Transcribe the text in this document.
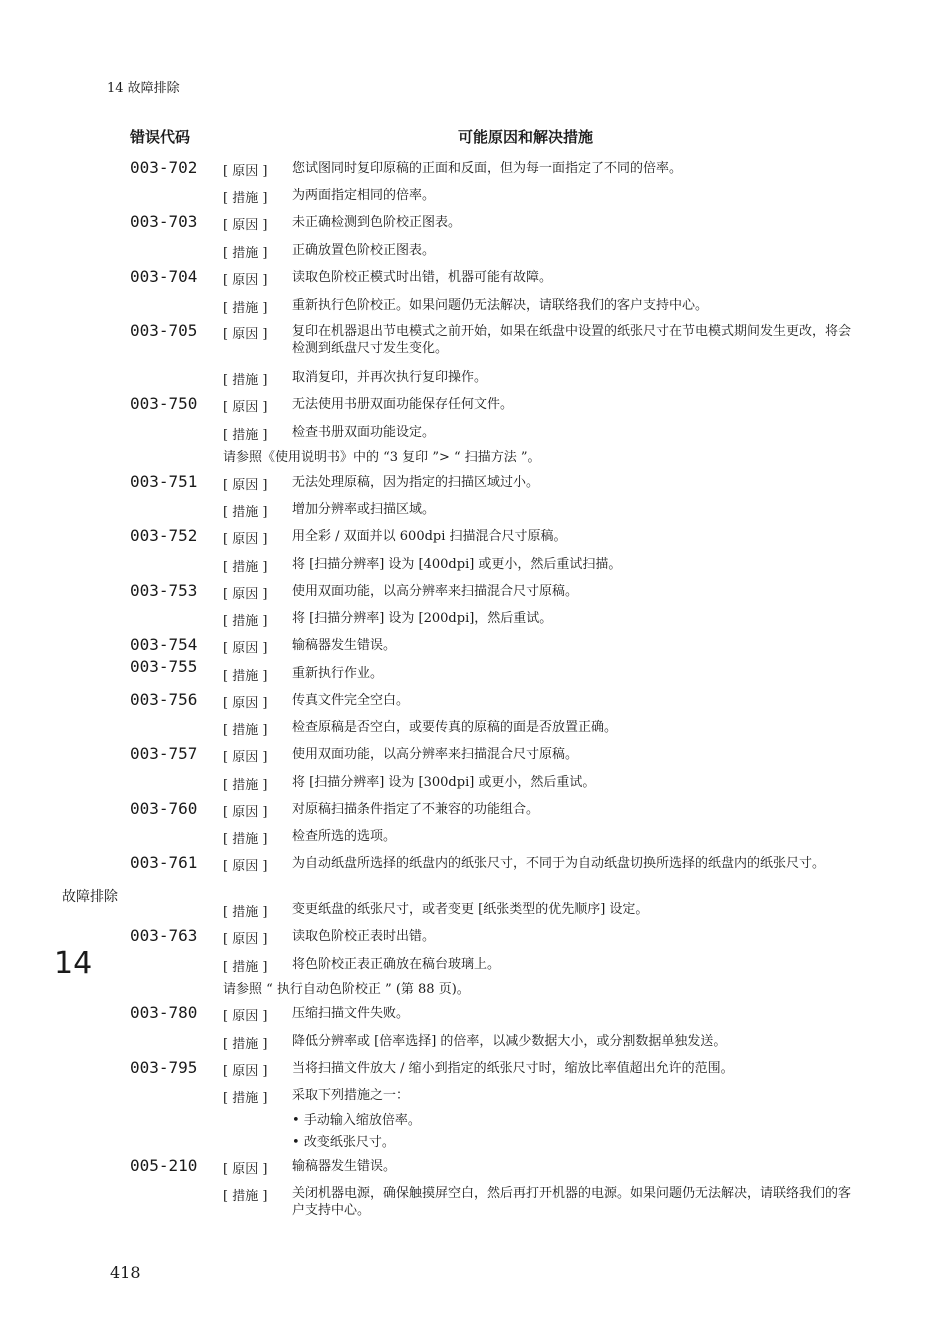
14 故障排除
故障排除
14
418
错误代码	可能原因和解决措施
003-702 [ 原因 ] 您试图同时复印原稿的正面和反面，但为每一面指定了不同的倍率。
[ 措施 ] 为两面指定相同的倍率。
003-703 [ 原因 ] 未正确检测到色阶校正图表。
[ 措施 ] 正确放置色阶校正图表。
003-704 [ 原因 ] 读取色阶校正模式时出错，机器可能有故障。
[ 措施 ] 重新执行色阶校正。如果问题仍无法解决，请联络我们的客户支持中心。
003-705 [ 原因 ] 复印在机器退出节电模式之前开始，如果在纸盘中设置的纸张尺寸在节电模式期间发生更改，将会检测到纸盘尺寸发生变化。
[ 措施 ] 取消复印，并再次执行复印操作。
003-750 [ 原因 ] 无法使用书册双面功能保存任何文件。
[ 措施 ] 检查书册双面功能设定。
请参照《使用说明书》中的 “3 复印 ”> “ 扫描方法 ”。
003-751 [ 原因 ] 无法处理原稿，因为指定的扫描区域过小。
[ 措施 ] 增加分辨率或扫描区域。
003-752 [ 原因 ] 用全彩 / 双面并以 600dpi 扫描混合尺寸原稿。
[ 措施 ] 将 [扫描分辨率] 设为 [400dpi] 或更小，然后重试扫描。
003-753 [ 原因 ] 使用双面功能，以高分辨率来扫描混合尺寸原稿。
[ 措施 ] 将 [扫描分辨率] 设为 [200dpi]，然后重试。
003-754
003-755
[ 原因 ] 输稿器发生错误。
[ 措施 ] 重新执行作业。
003-756 [ 原因 ] 传真文件完全空白。
[ 措施 ] 检查原稿是否空白，或要传真的原稿的面是否放置正确。
003-757 [ 原因 ] 使用双面功能，以高分辨率来扫描混合尺寸原稿。
[ 措施 ] 将 [扫描分辨率] 设为 [300dpi] 或更小，然后重试。
003-760 [ 原因 ] 对原稿扫描条件指定了不兼容的功能组合。
[ 措施 ] 检查所选的选项。
003-761 [ 原因 ] 为自动纸盘所选择的纸盘内的纸张尺寸，不同于为自动纸盘切换所选择的纸盘内的纸张尺寸。
[ 措施 ] 变更纸盘的纸张尺寸，或者变更 [纸张类型的优先顺序] 设定。
003-763 [ 原因 ] 读取色阶校正表时出错。
[ 措施 ] 将色阶校正表正确放在稿台玻璃上。
请参照 “ 执行自动色阶校正 ” (第 88 页)。
003-780 [ 原因 ] 压缩扫描文件失败。
[ 措施 ] 降低分辨率或 [倍率选择] 的倍率，以减少数据大小，或分割数据单独发送。
003-795 [ 原因 ] 当将扫描文件放大 / 缩小到指定的纸张尺寸时，缩放比率值超出允许的范围。
[ 措施 ] 采取下列措施之一：
• 手动输入缩放倍率。
• 改变纸张尺寸。
005-210 [ 原因 ] 输稿器发生错误。
[ 措施 ] 关闭机器电源，确保触摸屏空白，然后再打开机器的电源。如果问题仍无法解决，请联络我们的客户支持中心。
